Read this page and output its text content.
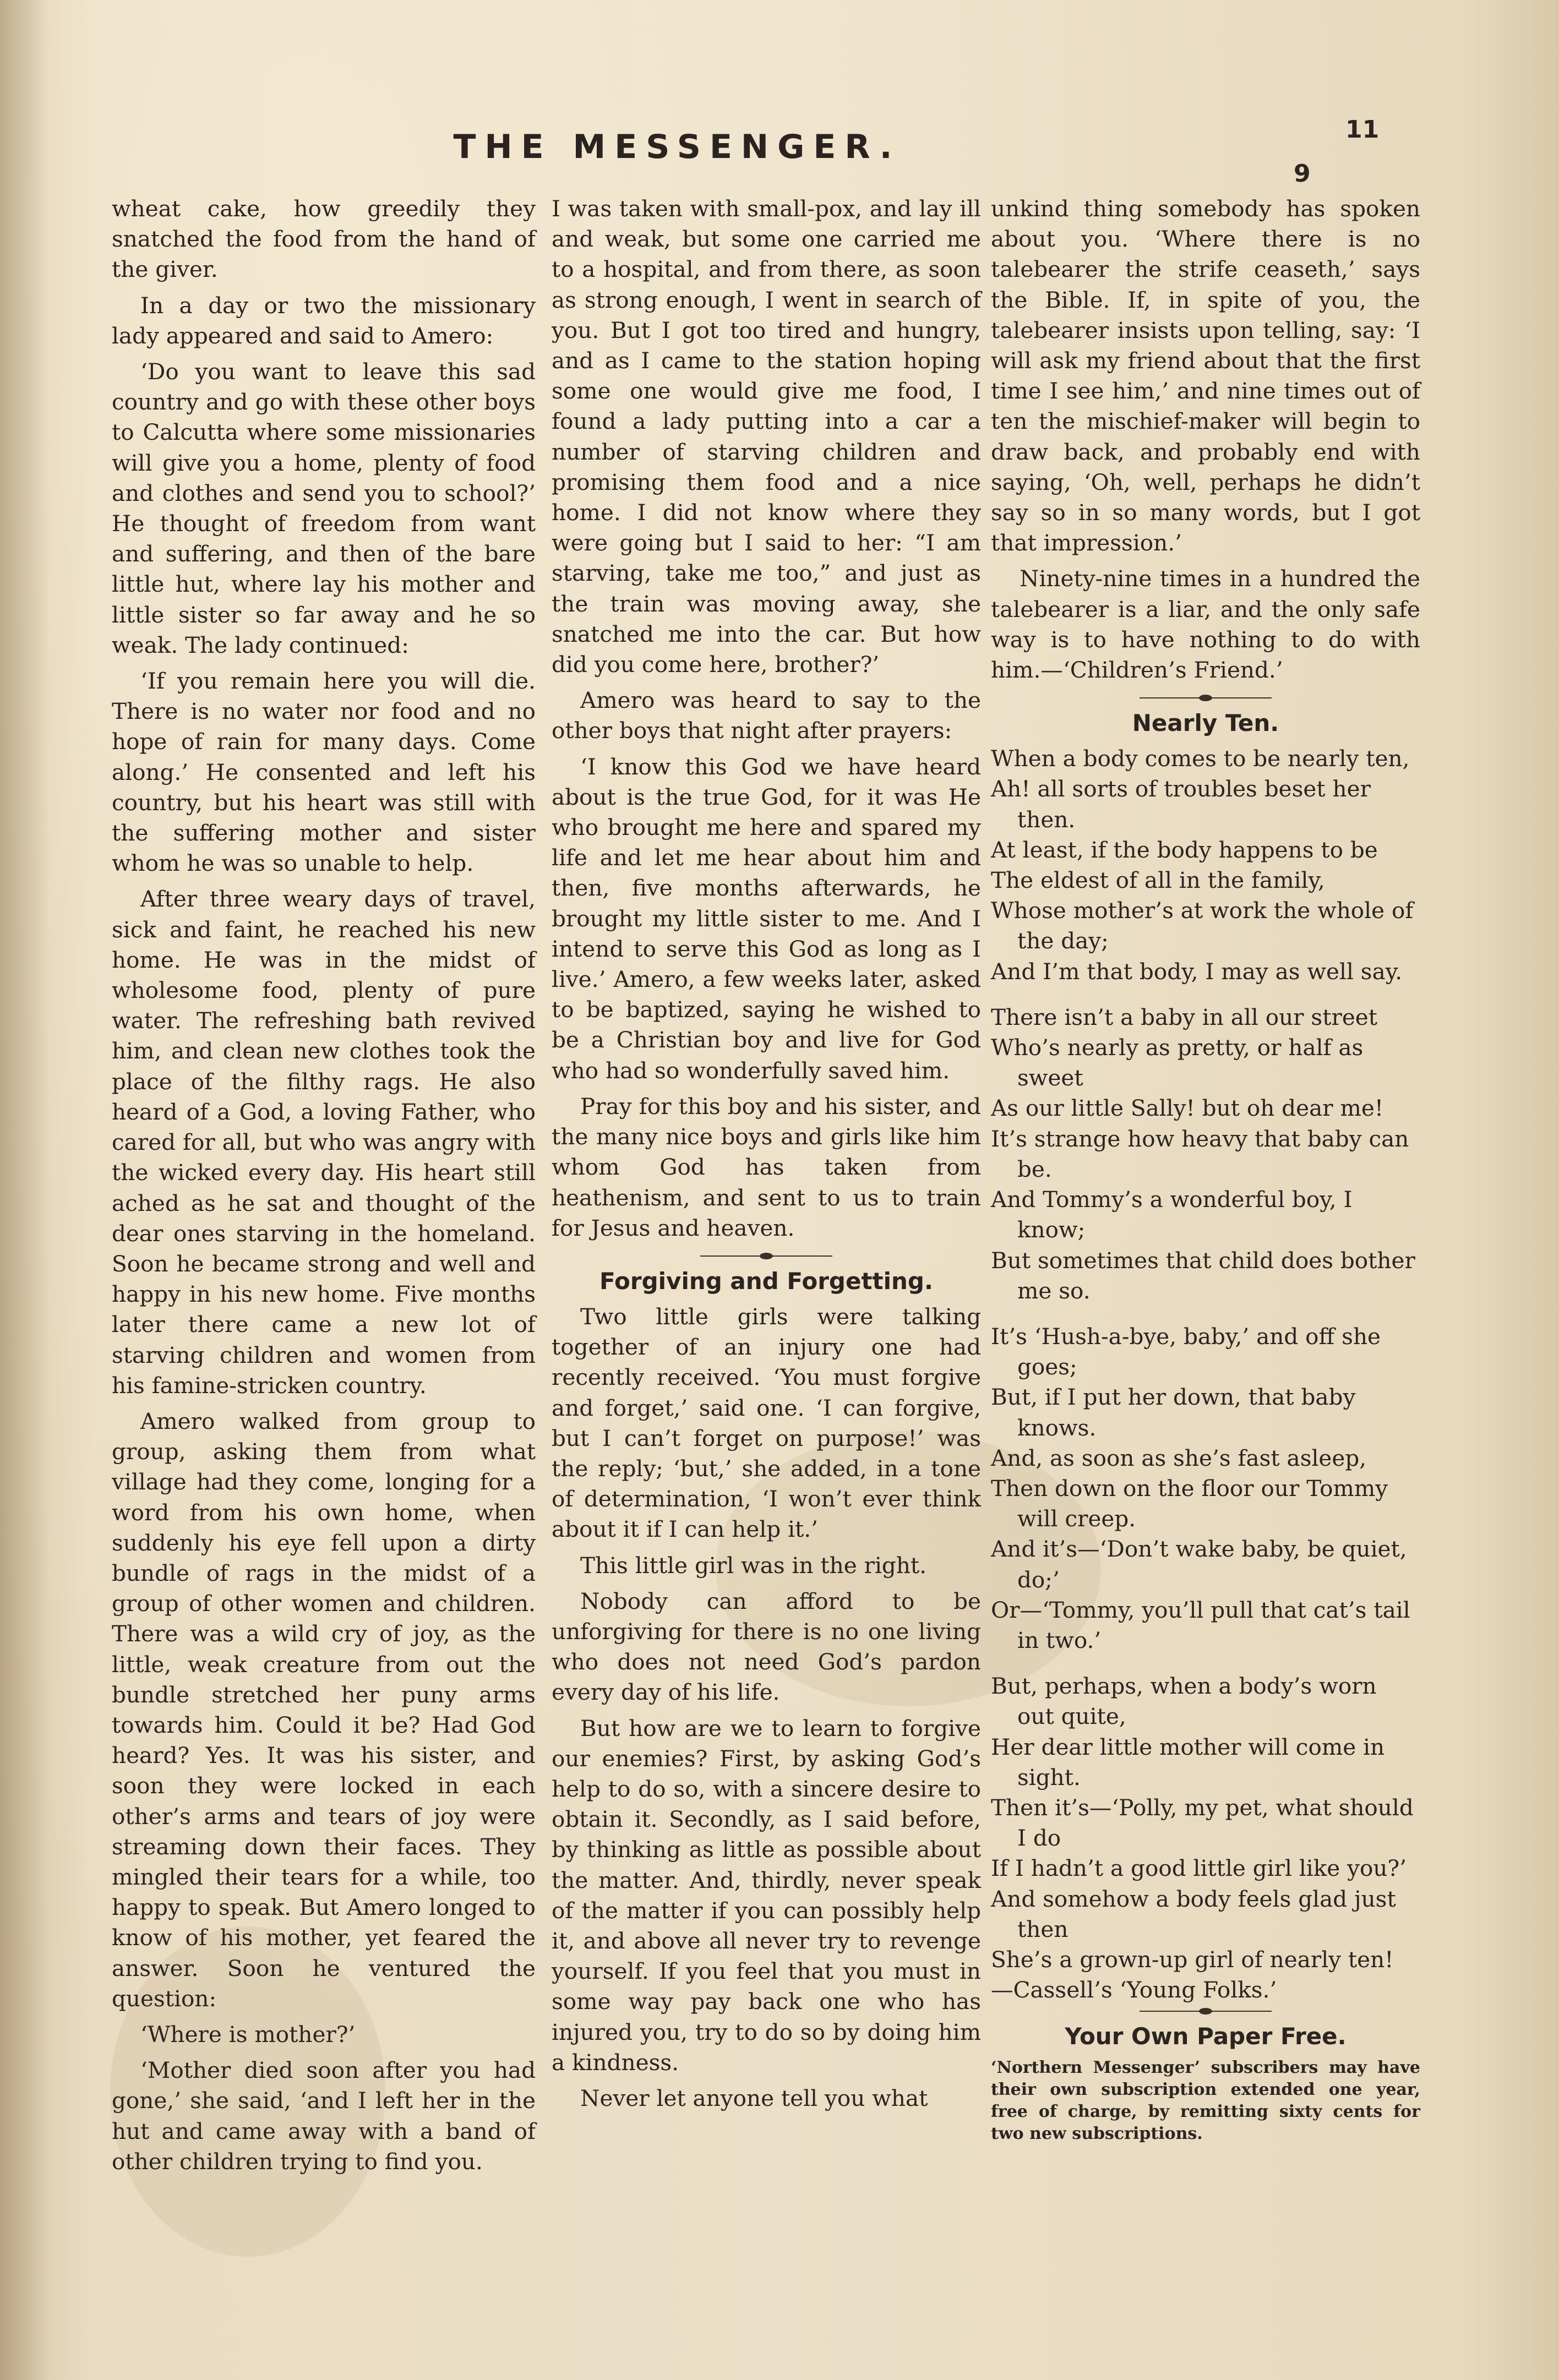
THE MESSENGER.	11
9

wheat cake, how greedily they snatched the food from the hand of the giver.

In a day or two the missionary lady appeared and said to Amero:

‘Do you want to leave this sad country and go with these other boys to Calcutta where some missionaries will give you a home, plenty of food and clothes and send you to school?’ He thought of freedom from want and suffering, and then of the bare little hut, where lay his mother and little sister so far away and he so weak. The lady continued:

‘If you remain here you will die. There is no water nor food and no hope of rain for many days. Come along.’ He consented and left his country, but his heart was still with the suffering mother and sister whom he was so unable to help.

After three weary days of travel, sick and faint, he reached his new home. He was in the midst of wholesome food, plenty of pure water. The refreshing bath revived him, and clean new clothes took the place of the filthy rags. He also heard of a God, a loving Father, who cared for all, but who was angry with the wicked every day. His heart still ached as he sat and thought of the dear ones starving in the homeland. Soon he became strong and well and happy in his new home. Five months later there came a new lot of starving children and women from his famine-stricken country.

Amero walked from group to group, asking them from what village had they come, longing for a word from his own home, when suddenly his eye fell upon a dirty bundle of rags in the midst of a group of other women and children. There was a wild cry of joy, as the little, weak creature from out the bundle stretched her puny arms towards him. Could it be? Had God heard? Yes. It was his sister, and soon they were locked in each other’s arms and tears of joy were streaming down their faces. They mingled their tears for a while, too happy to speak. But Amero longed to know of his mother, yet feared the answer. Soon he ventured the question:

‘Where is mother?’

‘Mother died soon after you had gone,’ she said, ‘and I left her in the hut and came away with a band of other children trying to find you.

I was taken with small-pox, and lay ill and weak, but some one carried me to a hospital, and from there, as soon as strong enough, I went in search of you. But I got too tired and hungry, and as I came to the station hoping some one would give me food, I found a lady putting into a car a number of starving children and promising them food and a nice home. I did not know where they were going but I said to her: “I am starving, take me too,” and just as the train was moving away, she snatched me into the car. But how did you come here, brother?’

Amero was heard to say to the other boys that night after prayers:

‘I know this God we have heard about is the true God, for it was He who brought me here and spared my life and let me hear about him and then, five months afterwards, he brought my little sister to me. And I intend to serve this God as long as I live.’ Amero, a few weeks later, asked to be baptized, saying he wished to be a Christian boy and live for God who had so wonderfully saved him.

Pray for this boy and his sister, and the many nice boys and girls like him whom God has taken from heathenism, and sent to us to train for Jesus and heaven.

Forgiving and Forgetting.

Two little girls were talking together of an injury one had recently received. ‘You must forgive and forget,’ said one. ‘I can forgive, but I can’t forget on purpose!’ was the reply; ‘but,’ she added, in a tone of determination, ‘I won’t ever think about it if I can help it.’

This little girl was in the right.

Nobody can afford to be unforgiving for there is no one living who does not need God’s pardon every day of his life.

But how are we to learn to forgive our enemies? First, by asking God’s help to do so, with a sincere desire to obtain it. Secondly, as I said before, by thinking as little as possible about the matter. And, thirdly, never speak of the matter if you can possibly help it, and above all never try to revenge yourself. If you feel that you must in some way pay back one who has injured you, try to do so by doing him a kindness.

Never let anyone tell you what

unkind thing somebody has spoken about you. ‘Where there is no talebearer the strife ceaseth,’ says the Bible. If, in spite of you, the talebearer insists upon telling, say: ‘I will ask my friend about that the first time I see him,’ and nine times out of ten the mischief-maker will begin to draw back, and probably end with saying, ‘Oh, well, perhaps he didn’t say so in so many words, but I got that impression.’

Ninety-nine times in a hundred the talebearer is a liar, and the only safe way is to have nothing to do with him.—‘Children’s Friend.’

Nearly Ten.

When a body comes to be nearly ten,

Ah! all sorts of troubles beset her then.

At least, if the body happens to be

The eldest of all in the family,

Whose mother’s at work the whole of the day;

And I’m that body, I may as well say.

There isn’t a baby in all our street

Who’s nearly as pretty, or half as sweet

As our little Sally! but oh dear me!

It’s strange how heavy that baby can be.

And Tommy’s a wonderful boy, I know;

But sometimes that child does bother me so.

It’s ‘Hush-a-bye, baby,’ and off she goes;

But, if I put her down, that baby knows.

And, as soon as she’s fast asleep,

Then down on the floor our Tommy will creep.

And it’s—‘Don’t wake baby, be quiet, do;’

Or—‘Tommy, you’ll pull that cat’s tail in two.’

But, perhaps, when a body’s worn out quite,

Her dear little mother will come in sight.

Then it’s—‘Polly, my pet, what should I do

If I hadn’t a good little girl like you?’

And somehow a body feels glad just then

She’s a grown-up girl of nearly ten!

—Cassell’s ‘Young Folks.’

Your Own Paper Free.

‘Northern Messenger’ subscribers may have their own subscription extended one year, free of charge, by remitting sixty cents for two new subscriptions.
